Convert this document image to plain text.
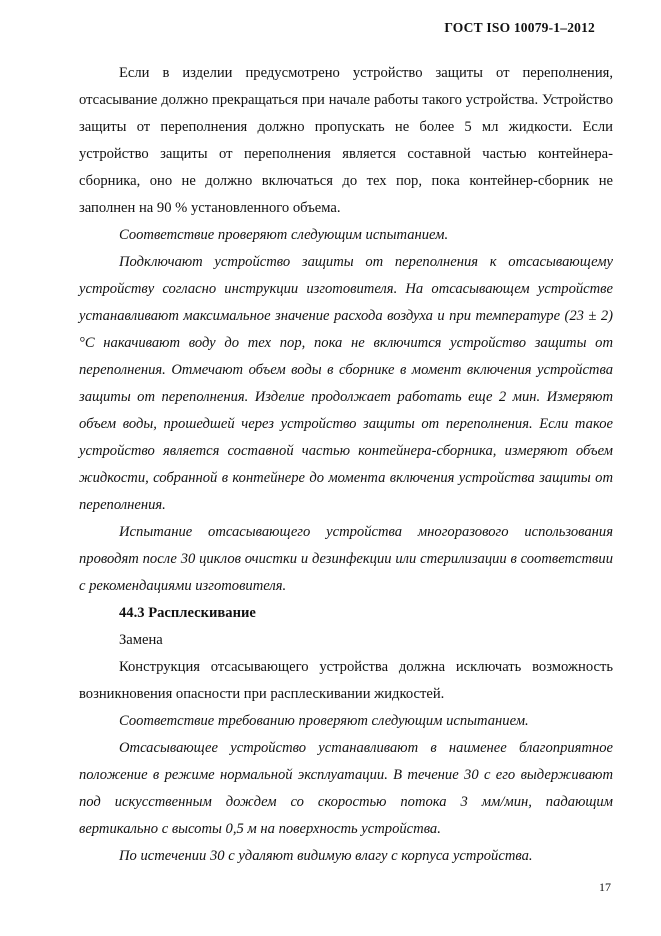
ГОСТ ISO 10079-1–2012

Если в изделии предусмотрено устройство защиты от переполнения, отсасывание должно прекращаться при начале работы такого устройства. Устройство защиты от переполнения должно пропускать не более 5 мл жидкости. Если устройство защиты от переполнения является составной частью контейнера-сборника, оно не должно включаться до тех пор, пока контейнер-сборник не заполнен на 90 % установленного объема.

Соответствие проверяют следующим испытанием.

Подключают устройство защиты от переполнения к отсасывающему устройству согласно инструкции изготовителя. На отсасывающем устройстве устанавливают максимальное значение расхода воздуха и при температуре (23 ± 2) °С накачивают воду до тех пор, пока не включится устройство защиты от переполнения. Отмечают объем воды в сборнике в момент включения устройства защиты от переполнения. Изделие продолжает работать еще 2 мин. Измеряют объем воды, прошедшей через устройство защиты от переполнения. Если такое устройство является составной частью контейнера-сборника, измеряют объем жидкости, собранной в контейнере до момента включения устройства защиты от переполнения.

Испытание отсасывающего устройства многоразового использования проводят после 30 циклов очистки и дезинфекции или стерилизации в соответствии с рекомендациями изготовителя.

44.3 Расплескивание

Замена

Конструкция отсасывающего устройства должна исключать возможность возникновения опасности при расплескивании жидкостей.

Соответствие требованию проверяют следующим испытанием.

Отсасывающее устройство устанавливают в наименее благоприятное положение в режиме нормальной эксплуатации. В течение 30 с его выдерживают под искусственным дождем со скоростью потока 3 мм/мин, падающим вертикально с высоты 0,5 м на поверхность устройства.

По истечении 30 с удаляют видимую влагу с корпуса устройства.

17
